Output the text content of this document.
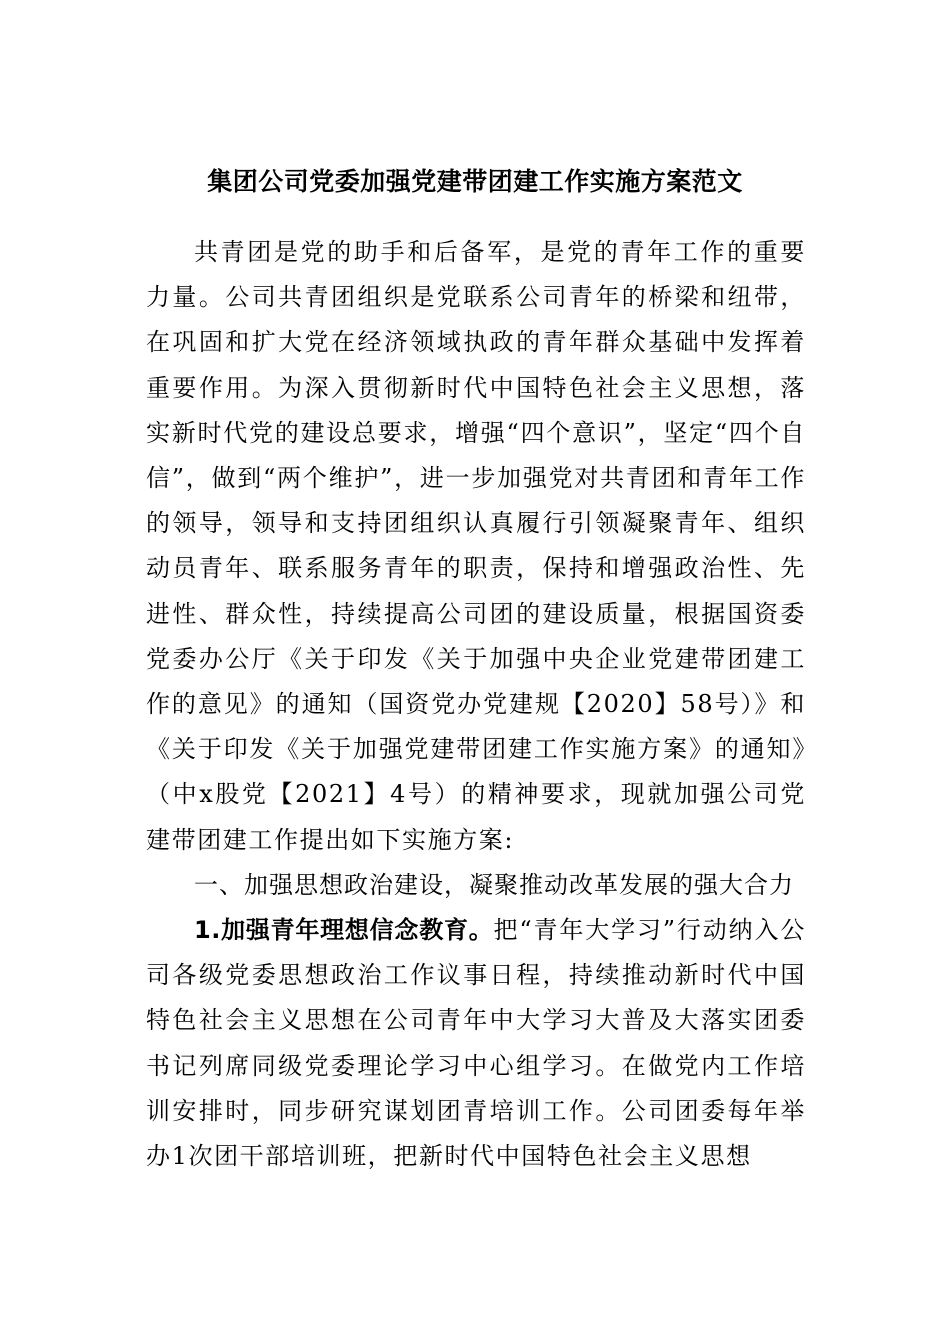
集团公司党委加强党建带团建工作实施方案范文

共青团是党的助手和后备军，是党的青年工作的重要力量。公司共青团组织是党联系公司青年的桥梁和纽带，在巩固和扩大党在经济领域执政的青年群众基础中发挥着重要作用。为深入贯彻新时代中国特色社会主义思想，落实新时代党的建设总要求，增强“四个意识”，坚定“四个自信”，做到“两个维护”，进一步加强党对共青团和青年工作的领导，领导和支持团组织认真履行引领凝聚青年、组织动员青年、联系服务青年的职责，保持和增强政治性、先进性、群众性，持续提高公司团的建设质量，根据国资委党委办公厅《关于印发《关于加强中央企业党建带团建工作的意见》的通知（国资党办党建规【2020】58号）》和《关于印发《关于加强党建带团建工作实施方案》的通知》（中x股党【2021】4号）的精神要求，现就加强公司党建带团建工作提出如下实施方案:

一、加强思想政治建设，凝聚推动改革发展的强大合力

1.加强青年理想信念教育。把“青年大学习”行动纳入公司各级党委思想政治工作议事日程，持续推动新时代中国特色社会主义思想在公司青年中大学习大普及大落实团委书记列席同级党委理论学习中心组学习。在做党内工作培训安排时，同步研究谋划团青培训工作。公司团委每年举办1次团干部培训班，把新时代中国特色社会主义思想
